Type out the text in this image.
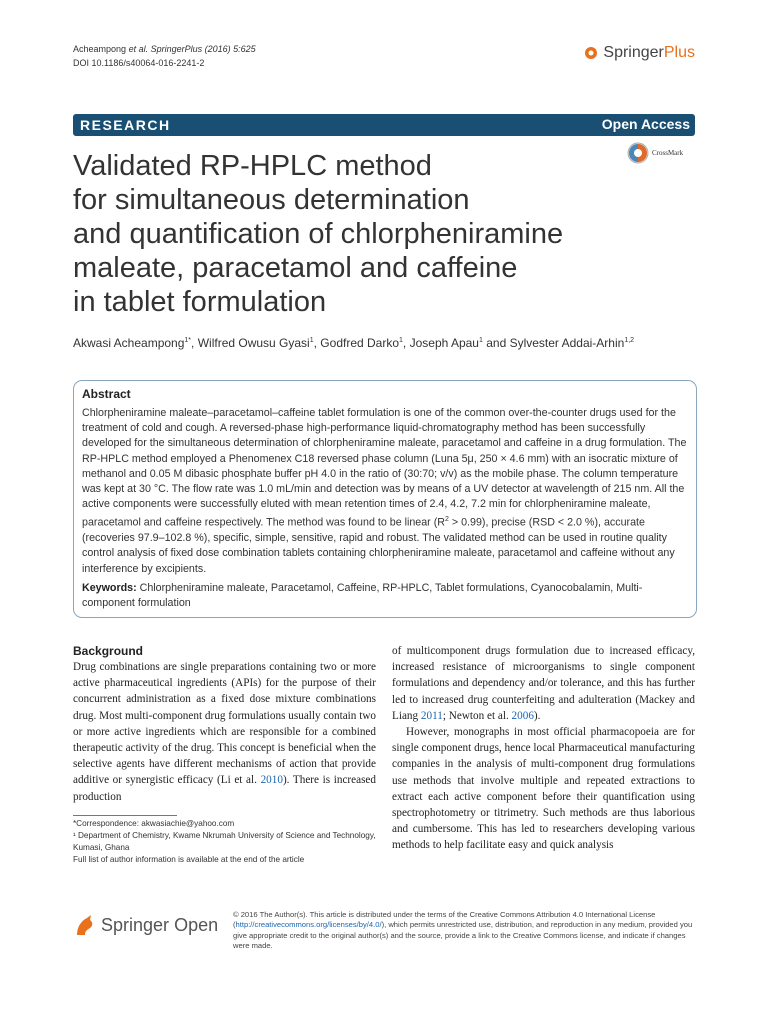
Acheampong et al. SpringerPlus (2016) 5:625
DOI 10.1186/s40064-016-2241-2
SpringerPlus
RESEARCH	Open Access
CrossMark
Validated RP-HPLC method
for simultaneous determination
and quantification of chlorpheniramine
maleate, paracetamol and caffeine
in tablet formulation
Akwasi Acheampong$^{1*}$, Wilfred Owusu Gyasi$^1$, Godfred Darko$^1$, Joseph Apau$^1$ and Sylvester Addai-Arhin$^{1,2}$
Abstract
Chlorpheniramine maleate–paracetamol–caffeine tablet formulation is one of the common over-the-counter drugs used for the treatment of cold and cough. A reversed-phase high-performance liquid-chromatography method has been successfully developed for the simultaneous determination of chlorpheniramine maleate, paracetamol and caffeine in a drug formulation. The RP-HPLC method employed a Phenomenex C18 reversed phase column (Luna 5μ, 250 × 4.6 mm) with an isocratic mixture of methanol and 0.05 M dibasic phosphate buffer pH 4.0 in the ratio of (30:70; v/v) as the mobile phase. The column temperature was kept at 30 °C. The flow rate was 1.0 mL/min and detection was by means of a UV detector at wavelength of 215 nm. All the active components were successfully eluted with mean retention times of 2.4, 4.2, 7.2 min for chlorpheniramine maleate, paracetamol and caffeine respectively. The method was found to be linear $(R^2 > 0.99)$, precise (RSD < 2.0 %), accurate (recoveries 97.9–102.8 %), specific, simple, sensitive, rapid and robust. The validated method can be used in routine quality control analysis of fixed dose combination tablets containing chlorpheniramine maleate, paracetamol and caffeine without any interference by excipients.
Keywords: Chlorpheniramine maleate, Paracetamol, Caffeine, RP-HPLC, Tablet formulations, Cyanocobalamin, Multi-component formulation
Background

Drug combinations are single preparations containing two or more active pharmaceutical ingredients (APIs) for the purpose of their concurrent administration as a fixed dose mixture combinations drug. Most multi-component drug formulations usually contain two or more active ingredients which are responsible for a combined therapeutic activity of the drug. This concept is beneficial when the selective agents have different mechanisms of action that provide additive or synergistic efficacy (Li et al. 2010). There is increased production

of multicomponent drugs formulation due to increased efficacy, increased resistance of microorganisms to single component formulations and dependency and/or tolerance, and this has further led to increased drug counterfeiting and adulteration (Mackey and Liang 2011; Newton et al. 2006).

However, monographs in most official pharmacopoeia are for single component drugs, hence local Pharmaceutical manufacturing companies in the analysis of multi-component drug formulations use methods that involve multiple and repeated extractions to extract each active component before their quantification using spectrophotometry or titrimetry. Such methods are thus laborious and cumbersome. This has led to researchers developing various methods to help facilitate easy and quick analysis

*Correspondence: akwasiachie@yahoo.com
¹ Department of Chemistry, Kwame Nkrumah University of Science and Technology, Kumasi, Ghana
Full list of author information is available at the end of the article
Springer Open © 2016 The Author(s). This article is distributed under the terms of the Creative Commons Attribution 4.0 International License (http://creativecommons.org/licenses/by/4.0/), which permits unrestricted use, distribution, and reproduction in any medium, provided you give appropriate credit to the original author(s) and the source, provide a link to the Creative Commons license, and indicate if changes were made.
